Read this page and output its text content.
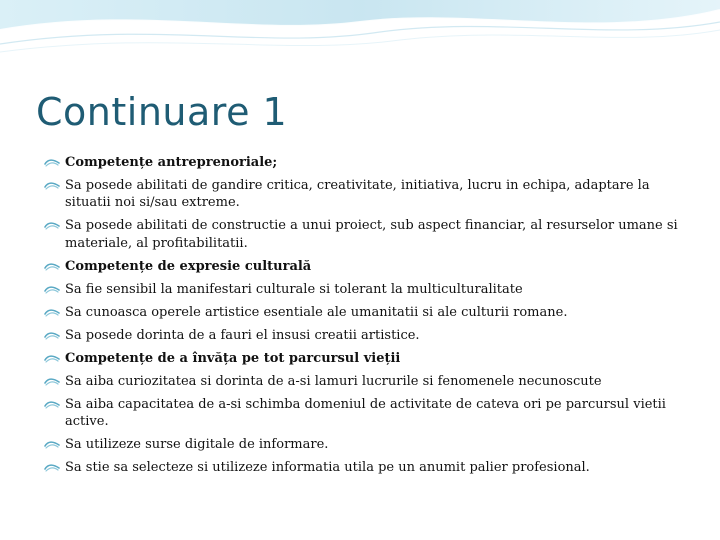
Continuare 1
Competențe antreprenoriale;
Sa posede abilitati de gandire critica, creativitate, initiativa, lucru in echipa, adaptare la situatii noi si/sau extreme.
Sa posede abilitati de constructie a unui proiect, sub aspect financiar, al resurselor umane si materiale, al profitabilitatii.
Competențe de expresie culturală
Sa fie sensibil la manifestari culturale si tolerant la multiculturalitate
Sa cunoasca operele artistice esentiale ale umanitatii si ale culturii romane.
Sa posede dorinta de a fauri el insusi creatii artistice.
Competențe de a învăța pe tot parcursul vieții
Sa aiba curiozitatea si dorinta de a-si lamuri lucrurile si fenomenele necunoscute
Sa aiba capacitatea de a-si schimba domeniul de activitate de cateva ori pe parcursul vietii active.
Sa utilizeze surse digitale de informare.
Sa stie sa selecteze si utilizeze informatia utila pe un anumit palier profesional.
